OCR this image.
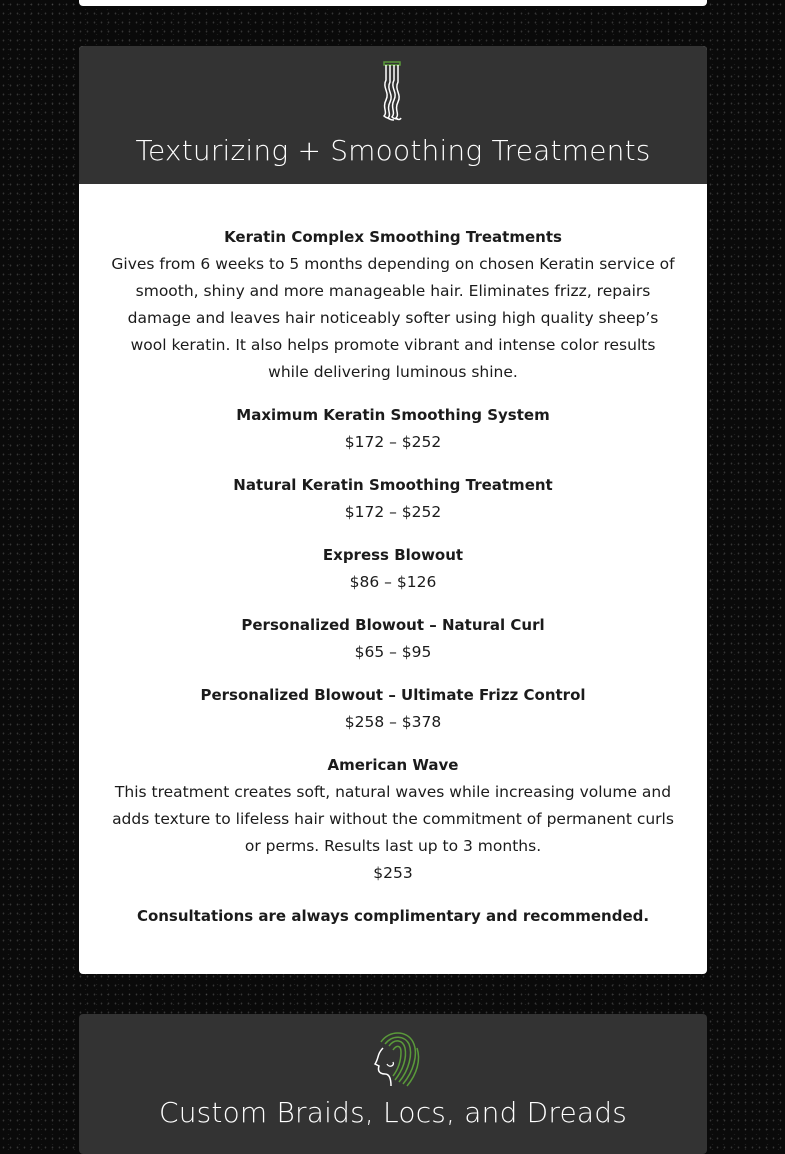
Texturizing + Smoothing Treatments
Keratin Complex Smoothing Treatments
Gives from 6 weeks to 5 months depending on chosen Keratin service of smooth, shiny and more manageable hair. Eliminates frizz, repairs damage and leaves hair noticeably softer using high quality sheep’s wool keratin. It also helps promote vibrant and intense color results while delivering luminous shine.
Maximum Keratin Smoothing System
$172 – $252
Natural Keratin Smoothing Treatment
$172 – $252
Express Blowout
$86 – $126
Personalized Blowout – Natural Curl
$65 – $95
Personalized Blowout – Ultimate Frizz Control
$258 – $378
American Wave
This treatment creates soft, natural waves while increasing volume and adds texture to lifeless hair without the commitment of permanent curls or perms. Results last up to 3 months.
$253
Consultations are always complimentary and recommended.
Custom Braids, Locs, and Dreads
